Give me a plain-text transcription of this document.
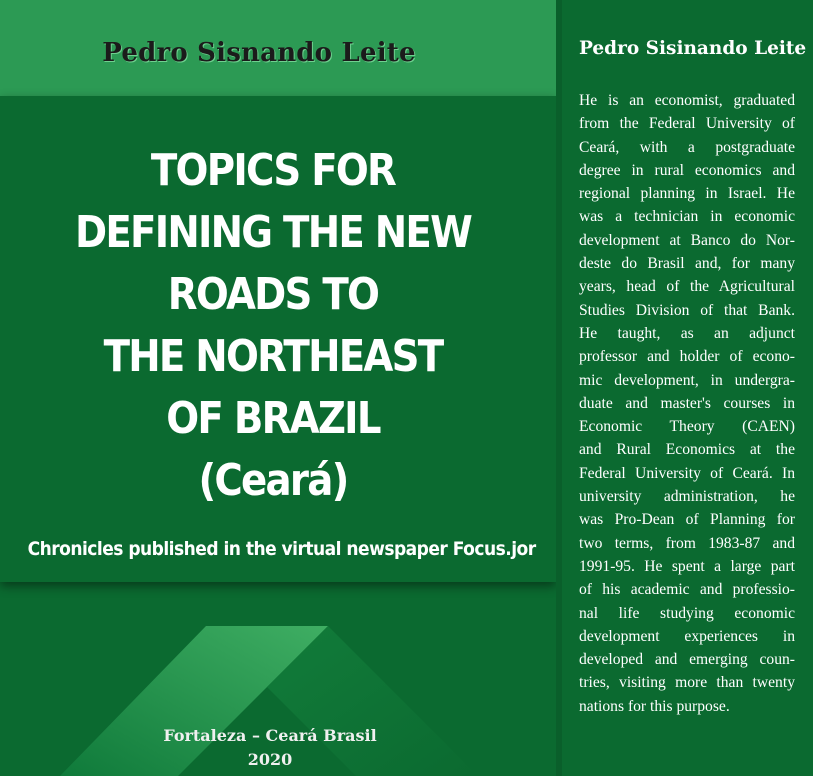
Pedro Sisnando Leite
TOPICS FOR
DEFINING THE NEW
ROADS TO
THE NORTHEAST
OF BRAZIL
(Ceará)
Chronicles published in the virtual newspaper Focus.jor
Fortaleza – Ceará Brasil
2020
Pedro Sisinando Leite
He is an economist, graduated
from the Federal University of
Ceará, with a postgraduate
degree in rural economics and
regional planning in Israel. He
was a technician in economic
development at Banco do Nor-
deste do Brasil and, for many
years, head of the Agricultural
Studies Division of that Bank.
He taught, as an adjunct
professor and holder of econo-
mic development, in undergra-
duate and master's courses in
Economic Theory (CAEN)
and Rural Economics at the
Federal University of Ceará. In
university administration, he
was Pro-Dean of Planning for
two terms, from 1983-87 and
1991-95. He spent a large part
of his academic and professio-
nal life studying economic
development experiences in
developed and emerging coun-
tries, visiting more than twenty
nations for this purpose.
